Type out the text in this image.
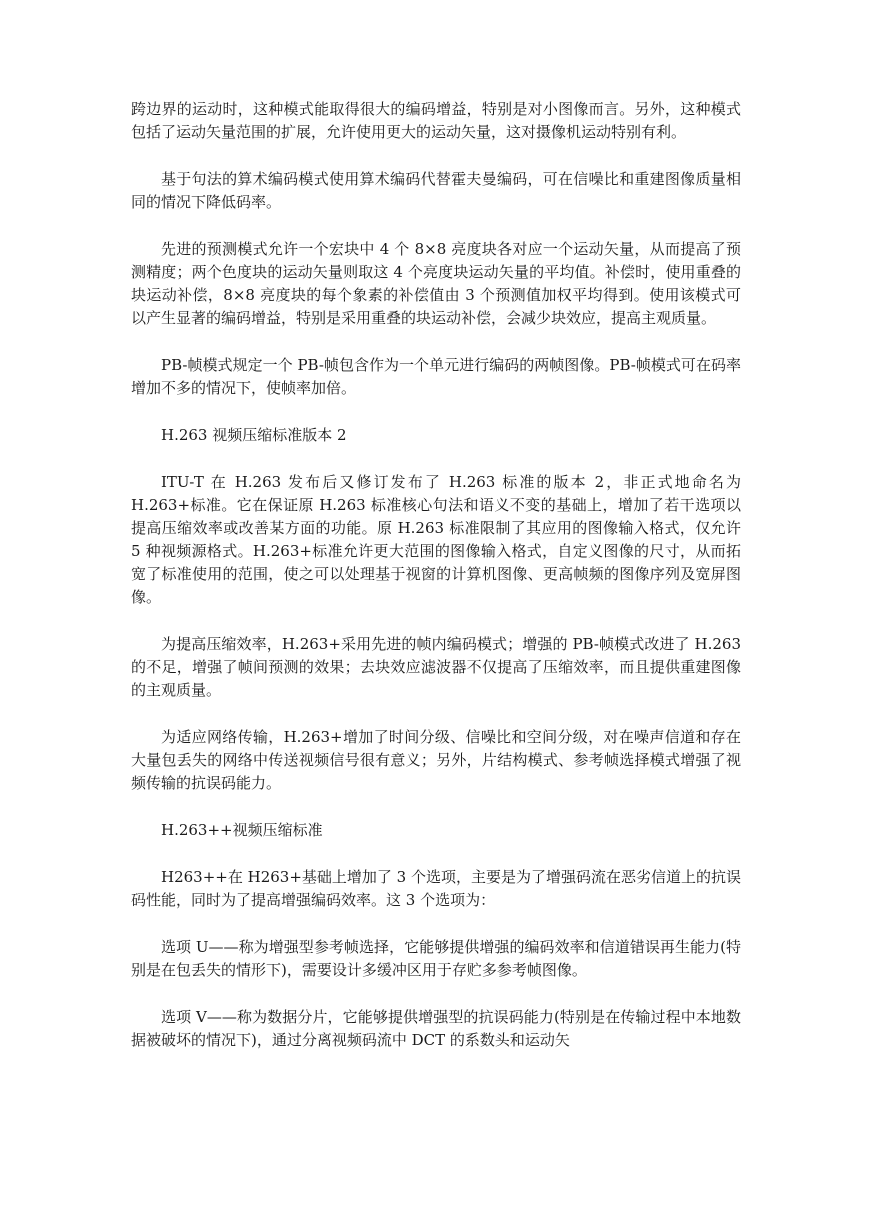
跨边界的运动时，这种模式能取得很大的编码增益，特别是对小图像而言。另外，这种模式包括了运动矢量范围的扩展，允许使用更大的运动矢量，这对摄像机运动特别有利。

基于句法的算术编码模式使用算术编码代替霍夫曼编码，可在信噪比和重建图像质量相同的情况下降低码率。

先进的预测模式允许一个宏块中 4 个 8×8 亮度块各对应一个运动矢量，从而提高了预测精度；两个色度块的运动矢量则取这 4 个亮度块运动矢量的平均值。补偿时，使用重叠的块运动补偿，8×8 亮度块的每个象素的补偿值由 3 个预测值加权平均得到。使用该模式可以产生显著的编码增益，特别是采用重叠的块运动补偿，会减少块效应，提高主观质量。

PB-帧模式规定一个 PB-帧包含作为一个单元进行编码的两帧图像。PB-帧模式可在码率增加不多的情况下，使帧率加倍。

H.263 视频压缩标准版本 2

ITU-T 在 H.263 发布后又修订发布了 H.263 标准的版本 2，非正式地命名为 H.263+标准。它在保证原 H.263 标准核心句法和语义不变的基础上，增加了若干选项以提高压缩效率或改善某方面的功能。原 H.263 标准限制了其应用的图像输入格式，仅允许 5 种视频源格式。H.263+标准允许更大范围的图像输入格式，自定义图像的尺寸，从而拓宽了标准使用的范围，使之可以处理基于视窗的计算机图像、更高帧频的图像序列及宽屏图像。

为提高压缩效率，H.263+采用先进的帧内编码模式；增强的 PB-帧模式改进了 H.263 的不足，增强了帧间预测的效果；去块效应滤波器不仅提高了压缩效率，而且提供重建图像的主观质量。

为适应网络传输，H.263+增加了时间分级、信噪比和空间分级，对在噪声信道和存在大量包丢失的网络中传送视频信号很有意义；另外，片结构模式、参考帧选择模式增强了视频传输的抗误码能力。

H.263++视频压缩标准

H263++在 H263+基础上增加了 3 个选项，主要是为了增强码流在恶劣信道上的抗误码性能，同时为了提高增强编码效率。这 3 个选项为：

选项 U——称为增强型参考帧选择，它能够提供增强的编码效率和信道错误再生能力(特别是在包丢失的情形下)，需要设计多缓冲区用于存贮多参考帧图像。

选项 V——称为数据分片，它能够提供增强型的抗误码能力(特别是在传输过程中本地数据被破坏的情况下)，通过分离视频码流中 DCT 的系数头和运动矢
